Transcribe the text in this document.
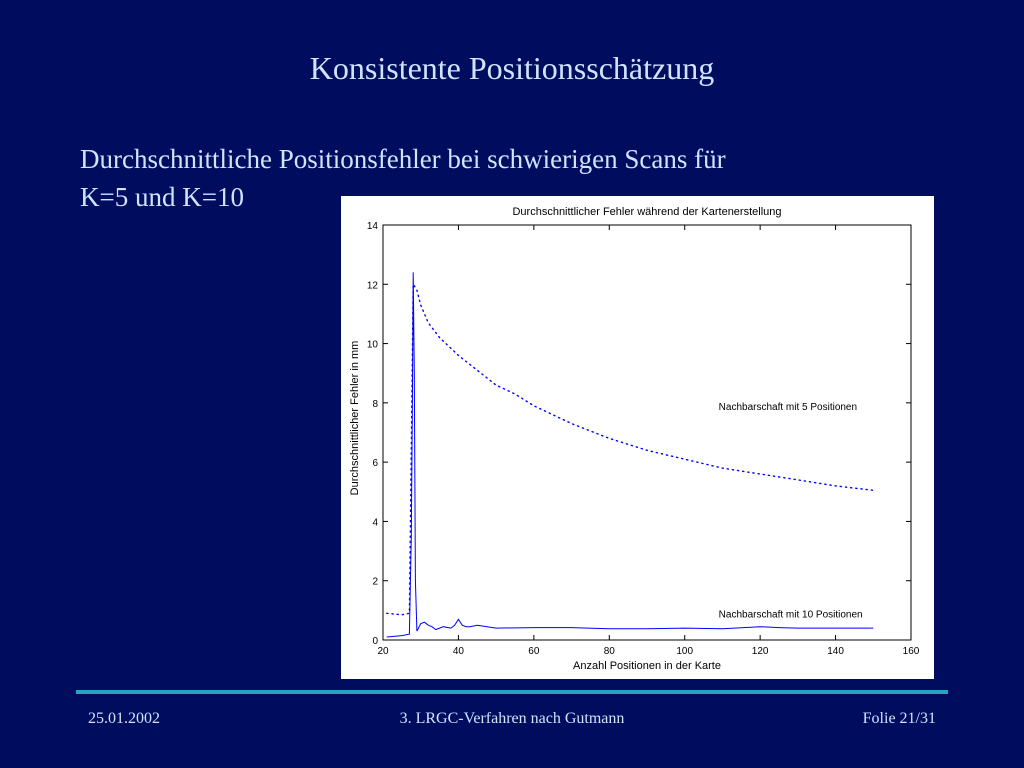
Konsistente Positionsschätzung
Durchschnittliche Positionsfehler bei schwierigen Scans für
K=5 und K=10	Durchschnittlicher Fehler während der Kartenerstellung
Anzahl Positionen in der Karte
Durchschnittlicher Fehler in mm
20	40	60	80	100	120	140	160
0
2
4
6
8
10
12
14
Nachbarschaft mit 5 Positionen
Nachbarschaft mit 10 Positionen
25.01.2002	3. LRGC-Verfahren nach Gutmann	Folie 21/31
